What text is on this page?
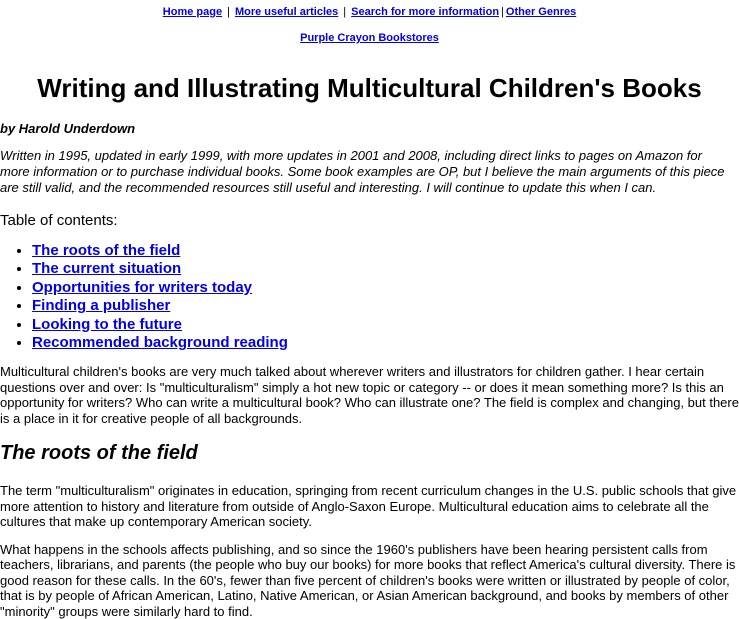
Home page | More useful articles | Search for more information | Other Genres
Purple Crayon Bookstores
Writing and Illustrating Multicultural Children's Books

by Harold Underdown

Written in 1995, updated in early 1999, with more updates in 2001 and 2008, including direct links to pages on Amazon for more information or to purchase individual books. Some book examples are OP, but I believe the main arguments of this piece are still valid, and the recommended resources still useful and interesting. I will continue to update this when I can.

Table of contents:

• The roots of the field
• The current situation
• Opportunities for writers today
• Finding a publisher
• Looking to the future
• Recommended background reading

Multicultural children's books are very much talked about wherever writers and illustrators for children gather. I hear certain questions over and over: Is "multiculturalism" simply a hot new topic or category -- or does it mean something more? Is this an opportunity for writers? Who can write a multicultural book? Who can illustrate one? The field is complex and changing, but there is a place in it for creative people of all backgrounds.

The roots of the field

The term "multiculturalism" originates in education, springing from recent curriculum changes in the U.S. public schools that give more attention to history and literature from outside of Anglo-Saxon Europe. Multicultural education aims to celebrate all the cultures that make up contemporary American society.

What happens in the schools affects publishing, and so since the 1960's publishers have been hearing persistent calls from teachers, librarians, and parents (the people who buy our books) for more books that reflect America's cultural diversity. There is good reason for these calls. In the 60's, fewer than five percent of children's books were written or illustrated by people of color, that is by people of African American, Latino, Native American, or Asian American background, and books by members of other "minority" groups were similarly hard to find.
